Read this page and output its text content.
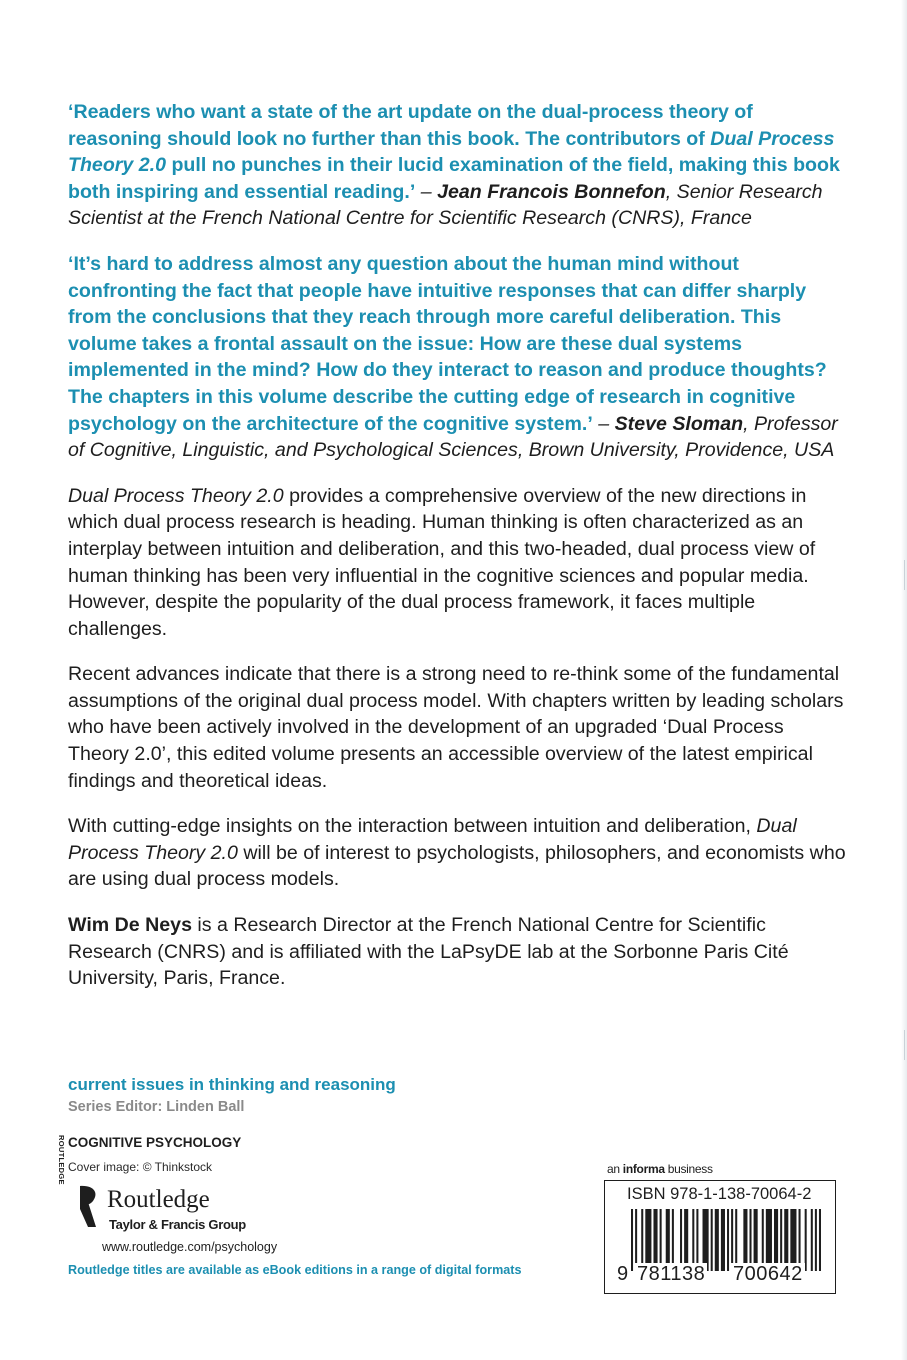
‘Readers who want a state of the art update on the dual-process theory of reasoning should look no further than this book. The contributors of Dual Process Theory 2.0 pull no punches in their lucid examination of the field, making this book both inspiring and essential reading.’ – Jean Francois Bonnefon, Senior Research Scientist at the French National Centre for Scientific Research (CNRS), France

‘It’s hard to address almost any question about the human mind without confronting the fact that people have intuitive responses that can differ sharply from the conclusions that they reach through more careful deliberation. This volume takes a frontal assault on the issue: How are these dual systems implemented in the mind? How do they interact to reason and produce thoughts? The chapters in this volume describe the cutting edge of research in cognitive psychology on the architecture of the cognitive system.’ – Steve Sloman, Professor of Cognitive, Linguistic, and Psychological Sciences, Brown University, Providence, USA

Dual Process Theory 2.0 provides a comprehensive overview of the new directions in which dual process research is heading. Human thinking is often characterized as an interplay between intuition and deliberation, and this two-headed, dual process view of human thinking has been very influential in the cognitive sciences and popular media. However, despite the popularity of the dual process framework, it faces multiple challenges.

Recent advances indicate that there is a strong need to re-think some of the fundamental assumptions of the original dual process model. With chapters written by leading scholars who have been actively involved in the development of an upgraded ‘Dual Process Theory 2.0’, this edited volume presents an accessible overview of the latest empirical findings and theoretical ideas.

With cutting-edge insights on the interaction between intuition and deliberation, Dual Process Theory 2.0 will be of interest to psychologists, philosophers, and economists who are using dual process models.

Wim De Neys is a Research Director at the French National Centre for Scientific Research (CNRS) and is affiliated with the LaPsyDE lab at the Sorbonne Paris Cité University, Paris, France.

current issues in thinking and reasoning
Series Editor: Linden Ball
COGNITIVE PSYCHOLOGY
Cover image: © Thinkstock
ROUTLEDGE
Routledge
Taylor & Francis Group
www.routledge.com/psychology
Routledge titles are available as eBook editions in a range of digital formats
an informa business
ISBN 978-1-138-70064-2
9 781138 700642
